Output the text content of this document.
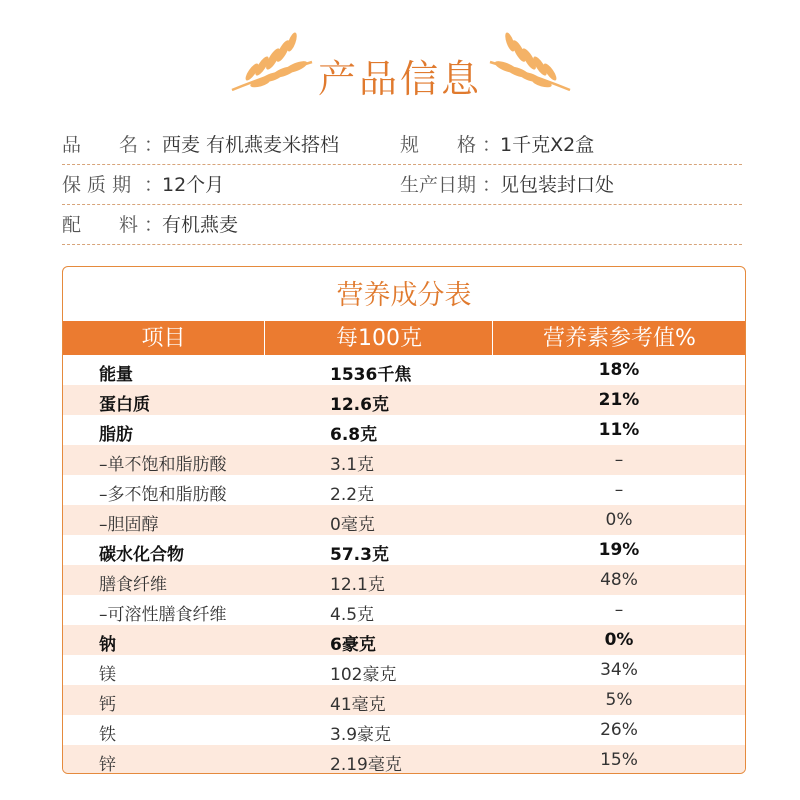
产品信息
品　　名 ：
西麦 有机燕麦米搭档	规　　格 ：
1千克X2盒
保 质 期 ：
12个月	生产日期 ：
见包装封口处
配　　料 ：
有机燕麦
营养成分表
项目	每100克	营养素参考值%
能量	1536千焦	18%
蛋白质	12.6克	21%
脂肪	6.8克	11%
–单不饱和脂肪酸	3.1克	–
–多不饱和脂肪酸	2.2克	–
–胆固醇	0毫克	0%
碳水化合物	57.3克	19%
膳食纤维	12.1克	48%
–可溶性膳食纤维	4.5克	–
钠	6豪克	0%
镁	102豪克	34%
钙	41毫克	5%
铁	3.9豪克	26%
锌	2.19毫克	15%
